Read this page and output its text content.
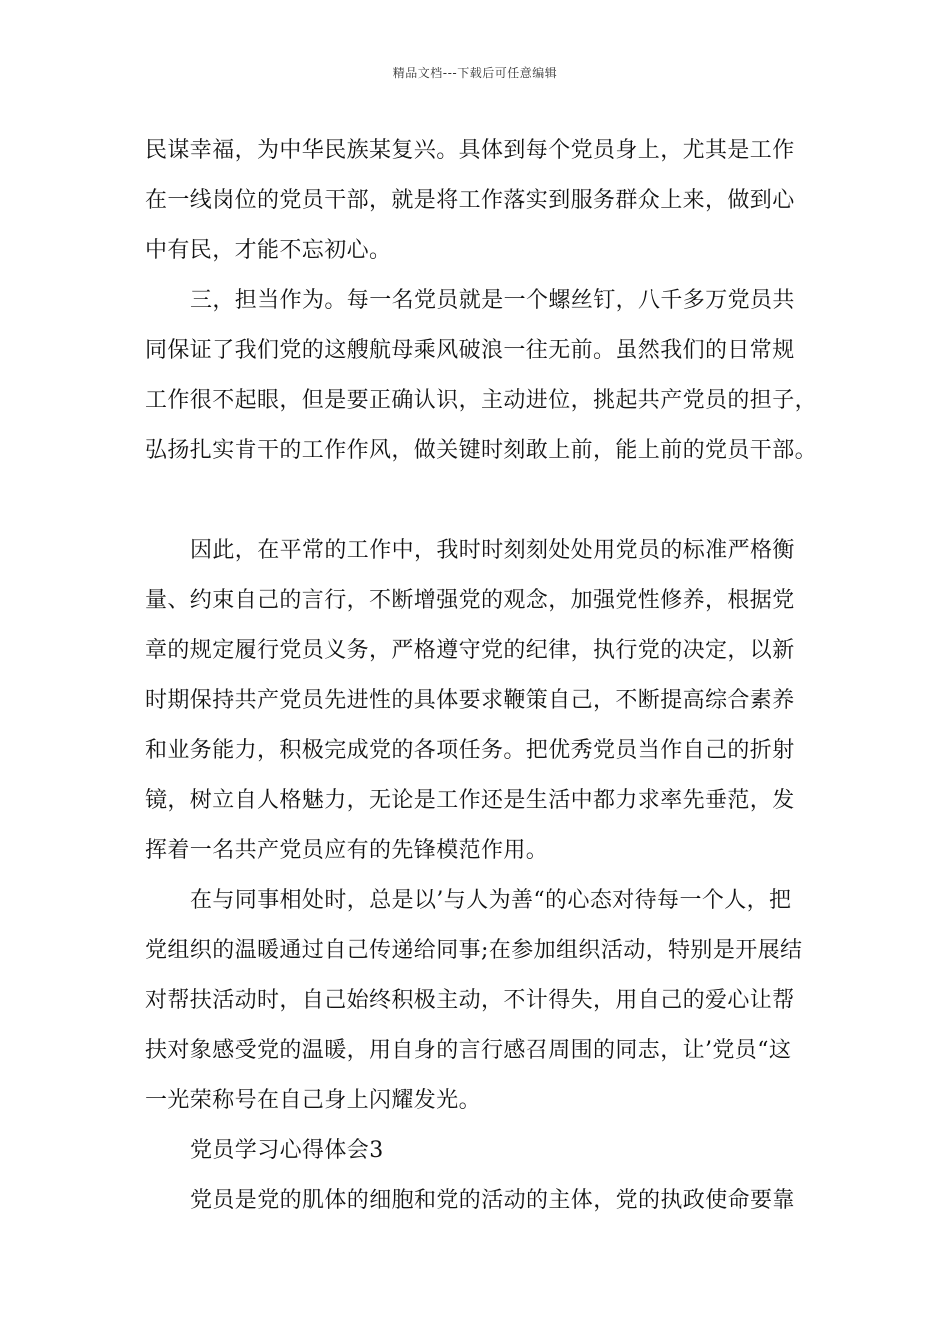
精品文档---下载后可任意编辑
民谋幸福，为中华民族某复兴。具体到每个党员身上，尤其是工作
在一线岗位的党员干部，就是将工作落实到服务群众上来，做到心
中有民，才能不忘初心。
三，担当作为。每一名党员就是一个螺丝钉，八千多万党员共
同保证了我们党的这艘航母乘风破浪一往无前。虽然我们的日常规
工作很不起眼，但是要正确认识，主动进位，挑起共产党员的担子，
弘扬扎实肯干的工作作风，做关键时刻敢上前，能上前的党员干部。
因此，在平常的工作中，我时时刻刻处处用党员的标准严格衡
量、约束自己的言行，不断增强党的观念，加强党性修养，根据党
章的规定履行党员义务，严格遵守党的纪律，执行党的决定，以新
时期保持共产党员先进性的具体要求鞭策自己，不断提高综合素养
和业务能力，积极完成党的各项任务。把优秀党员当作自己的折射
镜，树立自人格魅力，无论是工作还是生活中都力求率先垂范，发
挥着一名共产党员应有的先锋模范作用。
在与同事相处时，总是以’与人为善“的心态对待每一个人，把
党组织的温暖通过自己传递给同事;在参加组织活动，特别是开展结
对帮扶活动时，自己始终积极主动，不计得失，用自己的爱心让帮
扶对象感受党的温暖，用自身的言行感召周围的同志，让’党员“这
一光荣称号在自己身上闪耀发光。
党员学习心得体会3
党员是党的肌体的细胞和党的活动的主体，党的执政使命要靠
